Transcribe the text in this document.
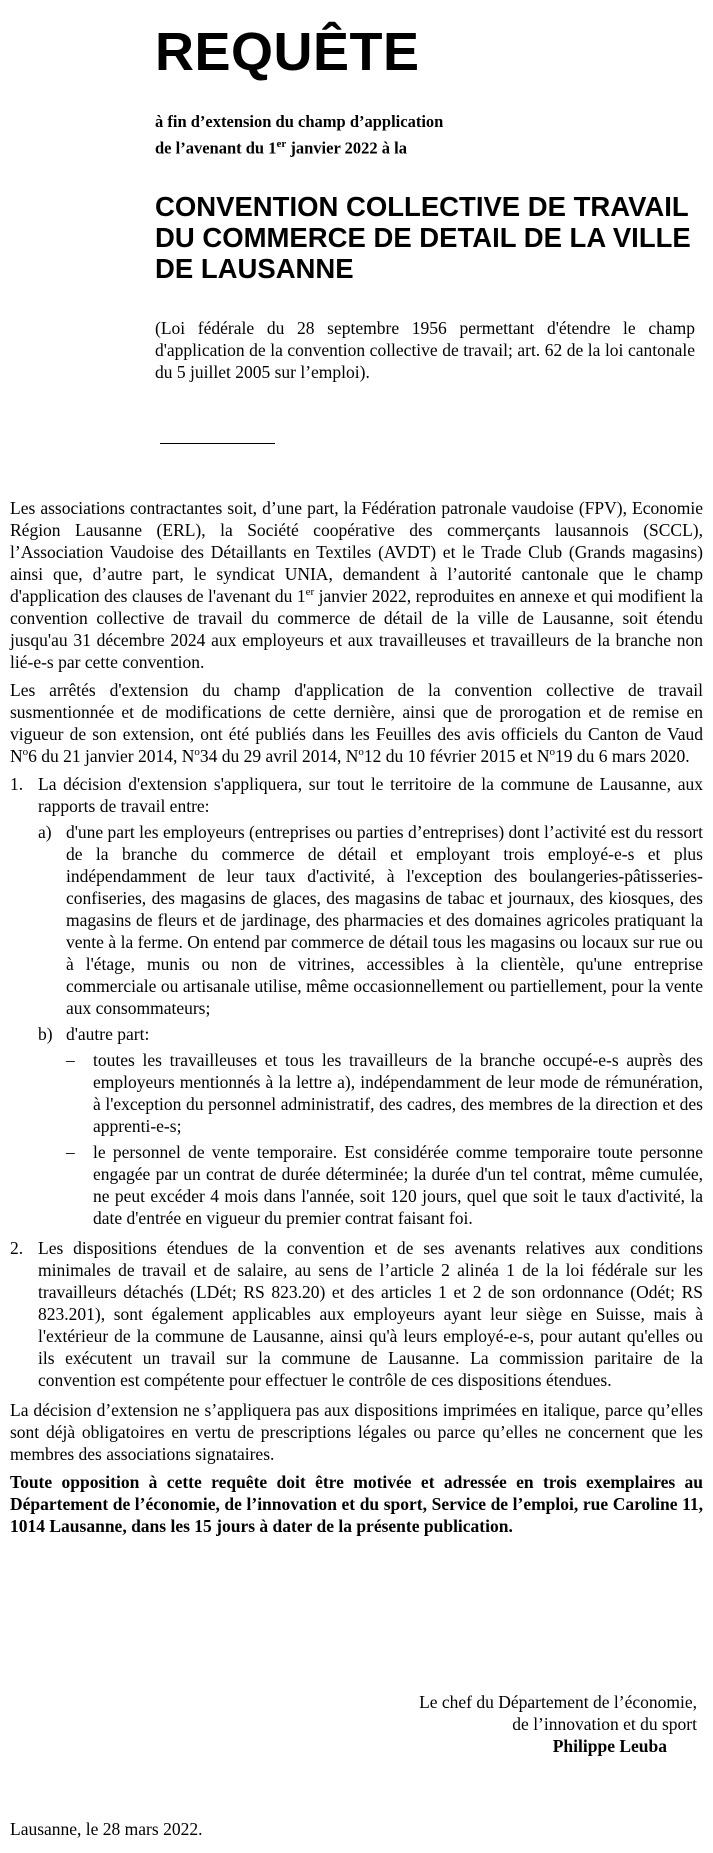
REQUÊTE
à fin d’extension du champ d’application
de l’avenant du 1er janvier 2022 à la
CONVENTION COLLECTIVE DE TRAVAIL DU COMMERCE DE DETAIL DE LA VILLE DE LAUSANNE

(Loi fédérale du 28 septembre 1956 permettant d'étendre le champ d'application de la convention collective de travail; art. 62 de la loi cantonale du 5 juillet 2005 sur l’emploi).

Les associations contractantes soit, d’une part, la Fédération patronale vaudoise (FPV), Economie Région Lausanne (ERL), la Société coopérative des commerçants lausannois (SCCL), l’Association Vaudoise des Détaillants en Textiles (AVDT) et le Trade Club (Grands magasins) ainsi que, d’autre part, le syndicat UNIA, demandent à l’autorité cantonale que le champ d'application des clauses de l'avenant du 1er janvier 2022, reproduites en annexe et qui modifient la convention collective de travail du commerce de détail de la ville de Lausanne, soit étendu jusqu'au 31 décembre 2024 aux employeurs et aux travailleuses et travailleurs de la branche non lié-e-s par cette convention.

Les arrêtés d'extension du champ d'application de la convention collective de travail susmentionnée et de modifications de cette dernière, ainsi que de prorogation et de remise en vigueur de son extension, ont été publiés dans les Feuilles des avis officiels du Canton de Vaud $N^o6$ du 21 janvier 2014, $N^o34$ du 29 avril 2014, $N^o12$ du 10 février 2015 et $N^o19$ du 6 mars 2020.

1. La décision d'extension s'appliquera, sur tout le territoire de la commune de Lausanne, aux rapports de travail entre:

a) d'une part les employeurs (entreprises ou parties d’entreprises) dont l’activité est du ressort de la branche du commerce de détail et employant trois employé-e-s et plus indépendamment de leur taux d'activité, à l'exception des boulangeries-pâtisseries-confiseries, des magasins de glaces, des magasins de tabac et journaux, des kiosques, des magasins de fleurs et de jardinage, des pharmacies et des domaines agricoles pratiquant la vente à la ferme. On entend par commerce de détail tous les magasins ou locaux sur rue ou à l'étage, munis ou non de vitrines, accessibles à la clientèle, qu'une entreprise commerciale ou artisanale utilise, même occasionnellement ou partiellement, pour la vente aux consommateurs;
b) d'autre part:
–	toutes les travailleuses et tous les travailleurs de la branche occupé-e-s auprès des employeurs mentionnés à la lettre a), indépendamment de leur mode de rémunération, à l'exception du personnel administratif, des cadres, des membres de la direction et des apprenti-e-s;
–	le personnel de vente temporaire. Est considérée comme temporaire toute personne engagée par un contrat de durée déterminée; la durée d'un tel contrat, même cumulée, ne peut excéder 4 mois dans l'année, soit 120 jours, quel que soit le taux d'activité, la date d'entrée en vigueur du premier contrat faisant foi.
2. Les dispositions étendues de la convention et de ses avenants relatives aux conditions minimales de travail et de salaire, au sens de l’article 2 alinéa 1 de la loi fédérale sur les travailleurs détachés (LDét; RS 823.20) et des articles 1 et 2 de son ordonnance (Odét; RS 823.201), sont également applicables aux employeurs ayant leur siège en Suisse, mais à l'extérieur de la commune de Lausanne, ainsi qu'à leurs employé-e-s, pour autant qu'elles ou ils exécutent un travail sur la commune de Lausanne. La commission paritaire de la convention est compétente pour effectuer le contrôle de ces dispositions étendues.

La décision d’extension ne s’appliquera pas aux dispositions imprimées en italique, parce qu’elles sont déjà obligatoires en vertu de prescriptions légales ou parce qu’elles ne concernent que les membres des associations signataires.

Toute opposition à cette requête doit être motivée et adressée en trois exemplaires au Département de l’économie, de l’innovation et du sport, Service de l’emploi, rue Caroline 11, 1014 Lausanne, dans les 15 jours à dater de la présente publication.

Le chef du Département de l’économie,
de l’innovation et du sport
Philippe Leuba
Lausanne, le 28 mars 2022.
